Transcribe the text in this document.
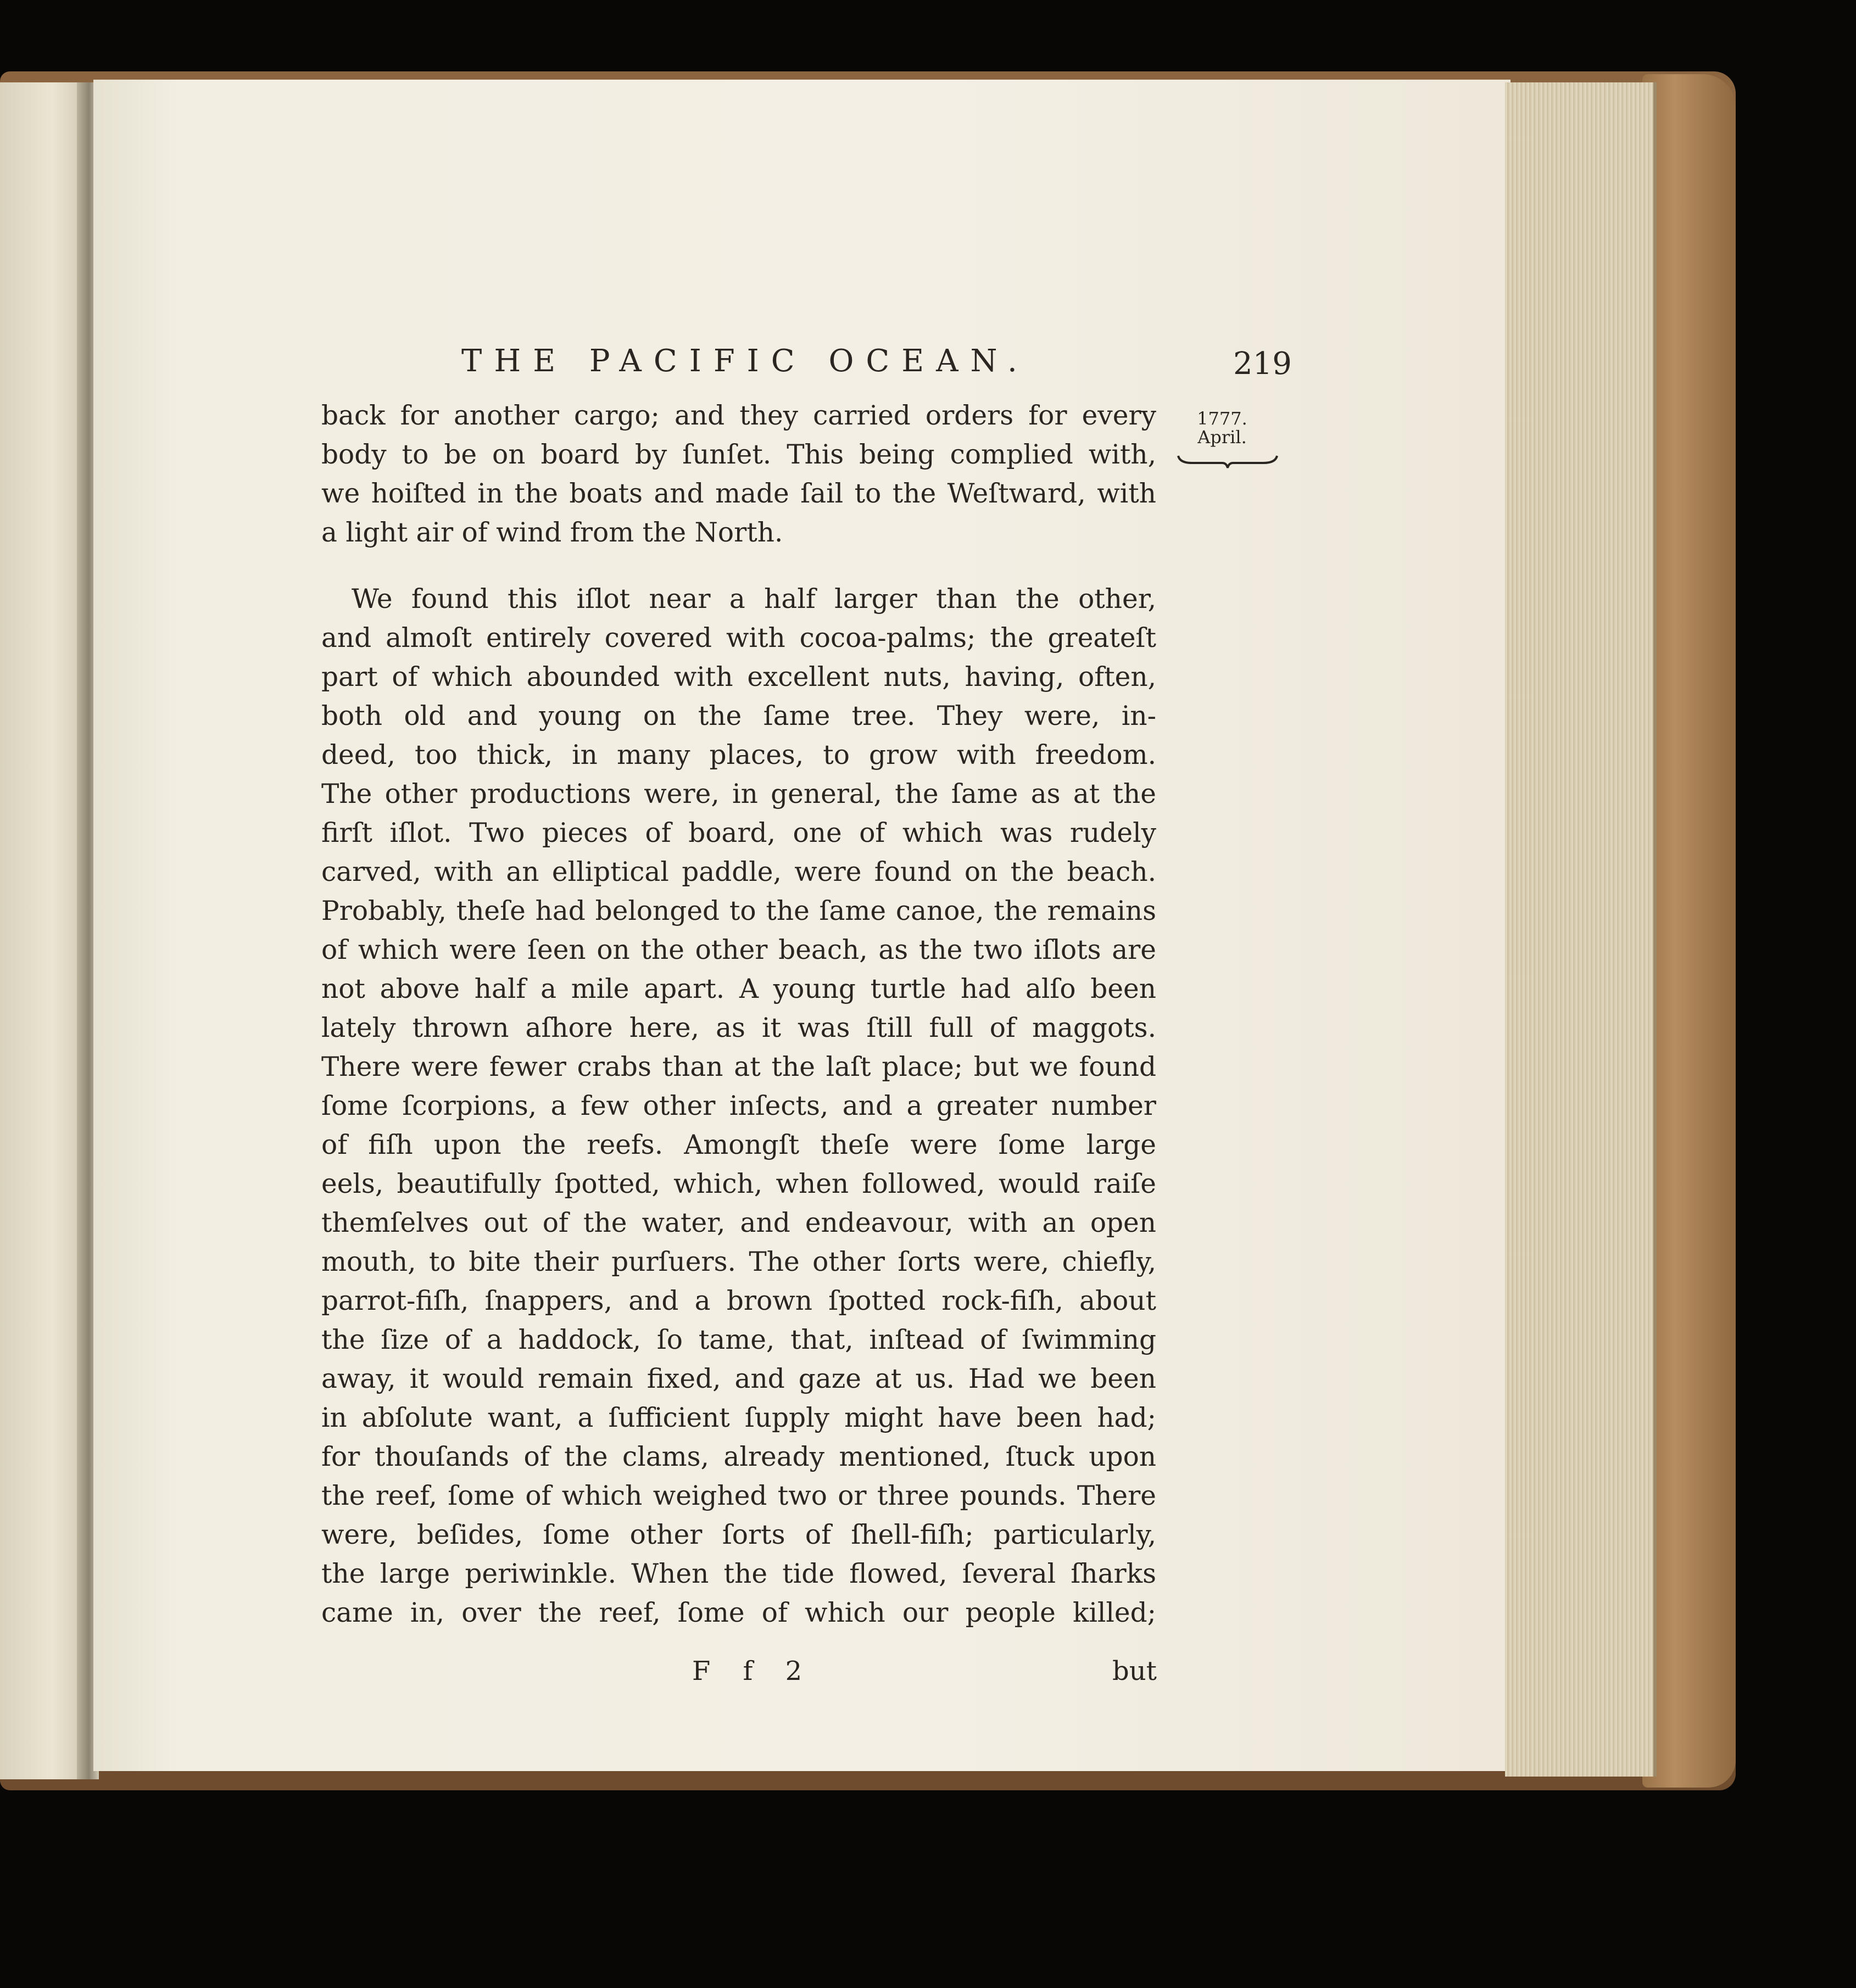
THE PACIFIC OCEAN.	219
1777.
April.
back for another cargo; and they carried orders for every
body to be on board by ſunſet. This being complied with,
we hoiſted in the boats and made ſail to the Weſtward, with
a light air of wind from the North.
We found this iſlot near a half larger than the other,
and almoſt entirely covered with cocoa-palms; the greateſt
part of which abounded with excellent nuts, having, often,
both old and young on the ſame tree. They were, in-
deed, too thick, in many places, to grow with freedom.
The other productions were, in general, the ſame as at the
firſt iſlot. Two pieces of board, one of which was rudely
carved, with an elliptical paddle, were found on the beach.
Probably, theſe had belonged to the ſame canoe, the remains
of which were ſeen on the other beach, as the two iſlots are
not above half a mile apart. A young turtle had alſo been
lately thrown aſhore here, as it was ſtill full of maggots.
There were fewer crabs than at the laſt place; but we found
ſome ſcorpions, a few other inſects, and a greater number
of fiſh upon the reefs. Amongſt theſe were ſome large
eels, beautifully ſpotted, which, when followed, would raiſe
themſelves out of the water, and endeavour, with an open
mouth, to bite their purſuers. The other ſorts were, chiefly,
parrot-fiſh, ſnappers, and a brown ſpotted rock-fiſh, about
the ſize of a haddock, ſo tame, that, inſtead of ſwimming
away, it would remain fixed, and gaze at us. Had we been
in abſolute want, a ſufficient ſupply might have been had;
for thouſands of the clams, already mentioned, ſtuck upon
the reef, ſome of which weighed two or three pounds. There
were, beſides, ſome other ſorts of ſhell-fiſh; particularly,
the large periwinkle. When the tide flowed, ſeveral ſharks
came in, over the reef, ſome of which our people killed;
F f 2	but
